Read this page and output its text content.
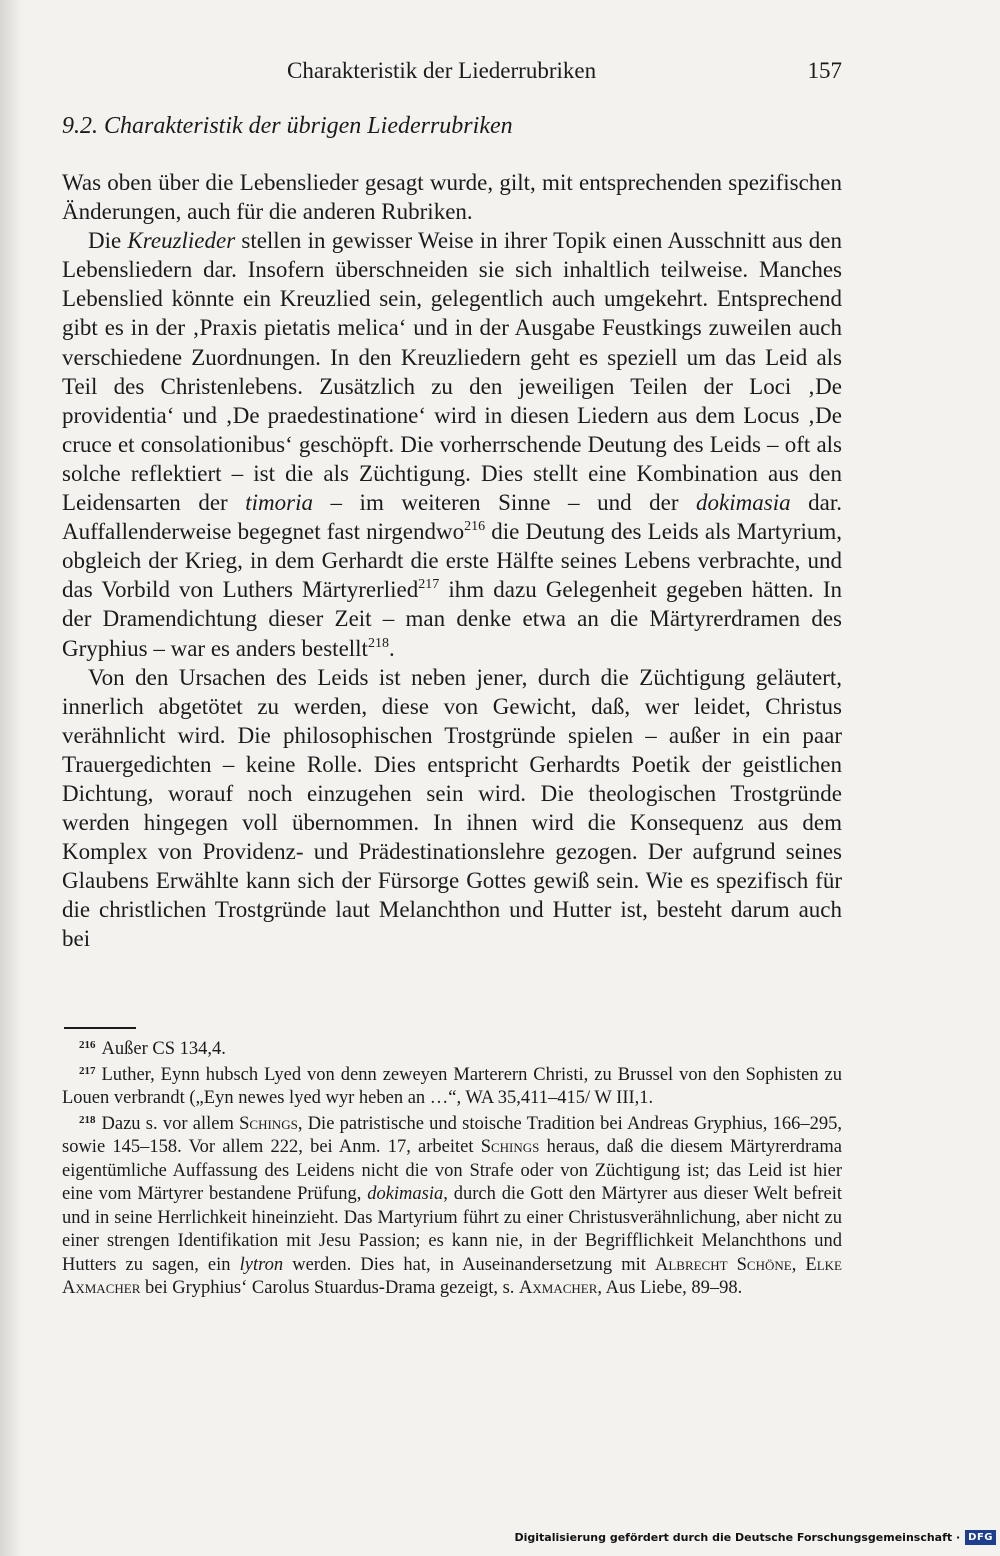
Charakteristik der Liederrubriken	157
9.2. Charakteristik der übrigen Liederrubriken

Was oben über die Lebenslieder gesagt wurde, gilt, mit entsprechenden spezifischen Änderungen, auch für die anderen Rubriken.

Die Kreuzlieder stellen in gewisser Weise in ihrer Topik einen Ausschnitt aus den Lebensliedern dar. Insofern überschneiden sie sich inhaltlich teilweise. Manches Lebenslied könnte ein Kreuzlied sein, gelegentlich auch umgekehrt. Entsprechend gibt es in der ‚Praxis pietatis melica‘ und in der Ausgabe Feustkings zuweilen auch verschiedene Zuordnungen. In den Kreuzliedern geht es speziell um das Leid als Teil des Christenlebens. Zusätzlich zu den jeweiligen Teilen der Loci ‚De providentia‘ und ‚De praedestinatione‘ wird in diesen Liedern aus dem Locus ‚De cruce et consolationibus‘ geschöpft. Die vorherrschende Deutung des Leids – oft als solche reflektiert – ist die als Züchtigung. Dies stellt eine Kombination aus den Leidensarten der timoria – im weiteren Sinne – und der dokimasia dar. Auffallenderweise begegnet fast nirgendwo$^{216}$ die Deutung des Leids als Martyrium, obgleich der Krieg, in dem Gerhardt die erste Hälfte seines Lebens verbrachte, und das Vorbild von Luthers Märtyrerlied$^{217}$ ihm dazu Gelegenheit gegeben hätten. In der Dramendichtung dieser Zeit – man denke etwa an die Märtyrerdramen des Gryphius – war es anders bestellt$^{218}$.

Von den Ursachen des Leids ist neben jener, durch die Züchtigung geläutert, innerlich abgetötet zu werden, diese von Gewicht, daß, wer leidet, Christus verähnlicht wird. Die philosophischen Trostgründe spielen – außer in ein paar Trauergedichten – keine Rolle. Dies entspricht Gerhardts Poetik der geistlichen Dichtung, worauf noch einzugehen sein wird. Die theologischen Trostgründe werden hingegen voll übernommen. In ihnen wird die Konsequenz aus dem Komplex von Providenz- und Prädestinationslehre gezogen. Der aufgrund seines Glaubens Erwählte kann sich der Fürsorge Gottes gewiß sein. Wie es spezifisch für die christlichen Trostgründe laut Melanchthon und Hutter ist, besteht darum auch bei

$^{216}$ Außer CS 134,4.

$^{217}$ Luther, Eynn hubsch Lyed von denn zeweyen Marterern Christi, zu Brussel von den Sophisten zu Louen verbrandt („Eyn newes lyed wyr heben an …“, WA 35,411–415/ W III,1.

$^{218}$ Dazu s. vor allem Schings, Die patristische und stoische Tradition bei Andreas Gryphius, 166–295, sowie 145–158. Vor allem 222, bei Anm. 17, arbeitet Schings heraus, daß die diesem Märtyrerdrama eigentümliche Auffassung des Leidens nicht die von Strafe oder von Züchtigung ist; das Leid ist hier eine vom Märtyrer bestandene Prüfung, dokimasia, durch die Gott den Märtyrer aus dieser Welt befreit und in seine Herrlichkeit hineinzieht. Das Martyrium führt zu einer Christusverähnlichung, aber nicht zu einer strengen Identifikation mit Jesu Passion; es kann nie, in der Begrifflichkeit Melanchthons und Hutters zu sagen, ein lytron werden. Dies hat, in Auseinandersetzung mit Albrecht Schöne, Elke Axmacher bei Gryphius‘ Carolus Stuardus-Drama gezeigt, s. Axmacher, Aus Liebe, 89–98.

Digitalisierung gefördert durch die Deutsche Forschungsgemeinschaft · DFG
